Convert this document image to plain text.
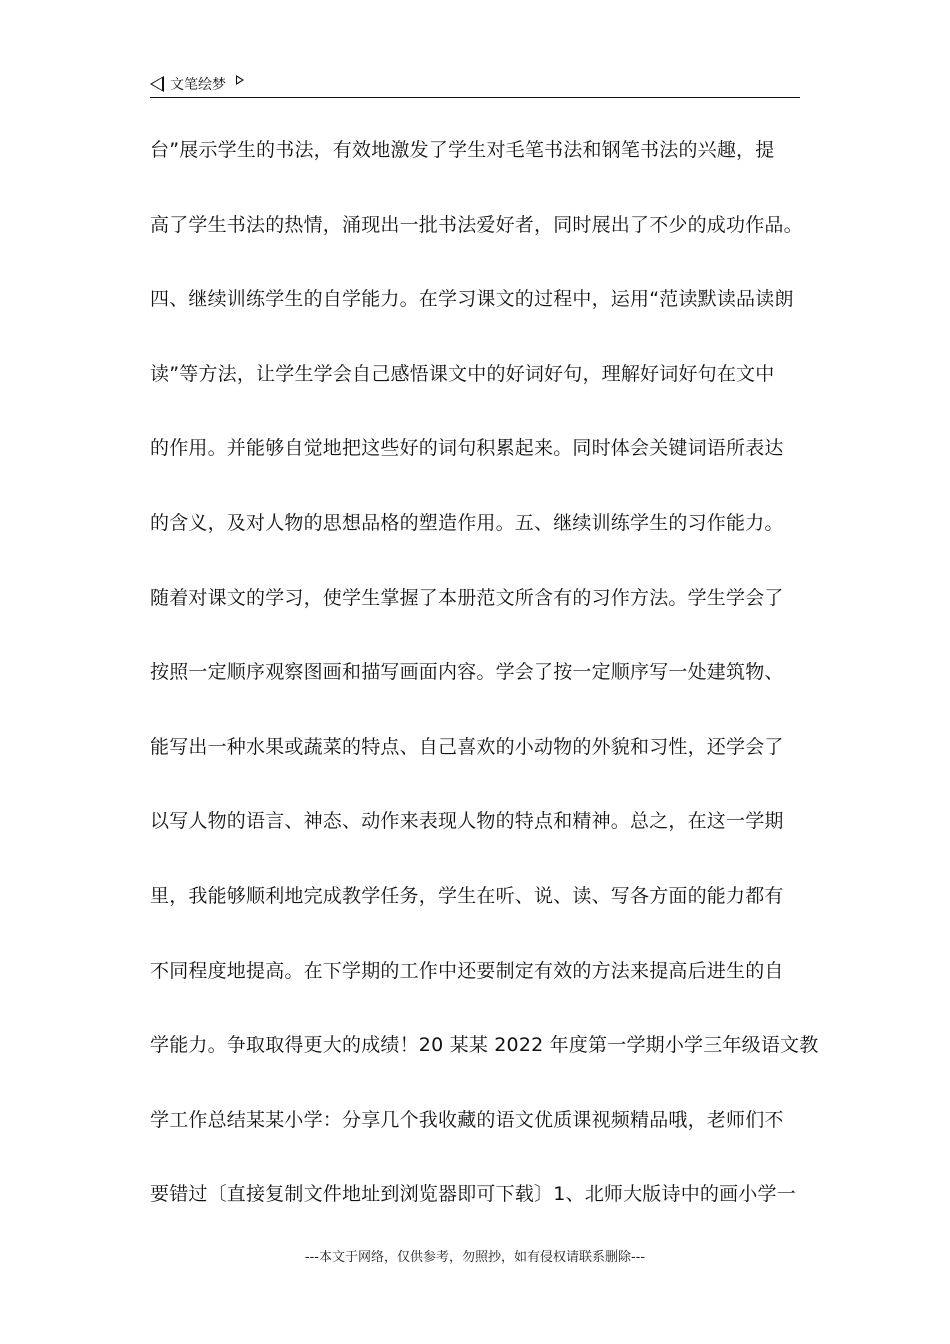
文笔绘梦
台”展示学生的书法，有效地激发了学生对毛笔书法和钢笔书法的兴趣，提
高了学生书法的热情，涌现出一批书法爱好者，同时展出了不少的成功作品。
四、继续训练学生的自学能力。在学习课文的过程中，运用“范读默读品读朗
读”等方法，让学生学会自己感悟课文中的好词好句，理解好词好句在文中
的作用。并能够自觉地把这些好的词句积累起来。同时体会关键词语所表达
的含义，及对人物的思想品格的塑造作用。五、继续训练学生的习作能力。
随着对课文的学习，使学生掌握了本册范文所含有的习作方法。学生学会了
按照一定顺序观察图画和描写画面内容。学会了按一定顺序写一处建筑物、
能写出一种水果或蔬菜的特点、自己喜欢的小动物的外貌和习性，还学会了
以写人物的语言、神态、动作来表现人物的特点和精神。总之，在这一学期
里，我能够顺利地完成教学任务，学生在听、说、读、写各方面的能力都有
不同程度地提高。在下学期的工作中还要制定有效的方法来提高后进生的自
学能力。争取取得更大的成绩！20 某某 2022 年度第一学期小学三年级语文教
学工作总结某某小学：分享几个我收藏的语文优质课视频精品哦，老师们不
要错过〔直接复制文件地址到浏览器即可下载〕1、北师大版诗中的画小学一
---本文于网络，仅供参考，勿照抄，如有侵权请联系删除---
